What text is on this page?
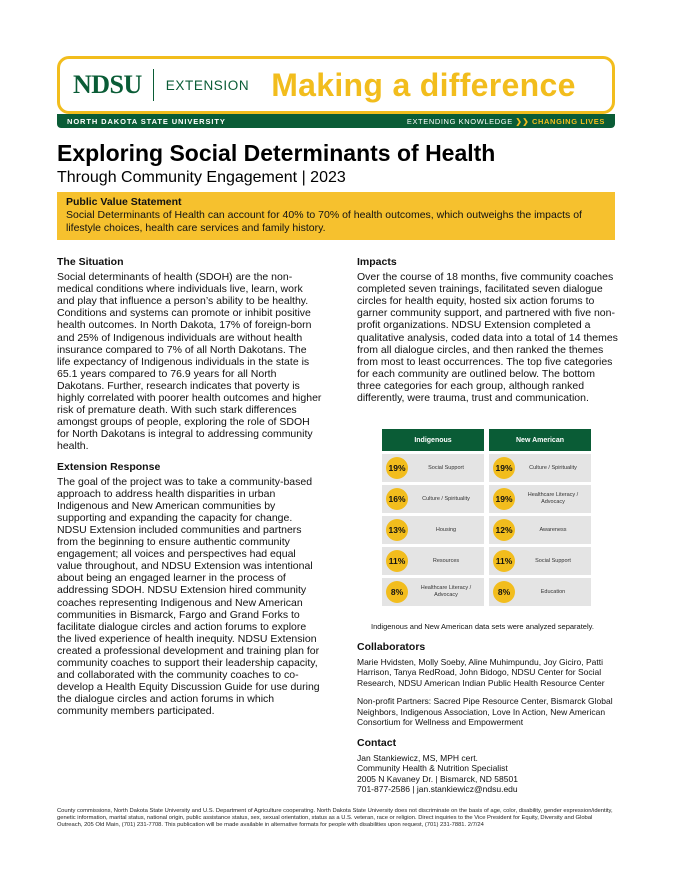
NDSU EXTENSION Making a difference
NORTH DAKOTA STATE UNIVERSITY	EXTENDING KNOWLEDGE ❯❯ CHANGING LIVES
Exploring Social Determinants of Health
Through Community Engagement | 2023
Public Value Statement
Social Determinants of Health can account for 40% to 70% of health outcomes, which outweighs the impacts of lifestyle choices, health care services and family history.
The Situation
Social determinants of health (SDOH) are the non-medical conditions where individuals live, learn, work and play that influence a person’s ability to be healthy. Conditions and systems can promote or inhibit positive health outcomes. In North Dakota, 17% of foreign-born and 25% of Indigenous individuals are without health insurance compared to 7% of all North Dakotans. The life expectancy of Indigenous individuals in the state is 65.1 years compared to 76.9 years for all North Dakotans. Further, research indicates that poverty is highly correlated with poorer health outcomes and higher risk of premature death. With such stark differences amongst groups of people, exploring the role of SDOH for North Dakotans is integral to addressing community health.
Extension Response
The goal of the project was to take a community-based approach to address health disparities in urban Indigenous and New American communities by supporting and expanding the capacity for change. NDSU Extension included communities and partners from the beginning to ensure authentic community engagement; all voices and perspectives had equal value throughout, and NDSU Extension was intentional about being an engaged learner in the process of addressing SDOH. NDSU Extension hired community coaches representing Indigenous and New American communities in Bismarck, Fargo and Grand Forks to facilitate dialogue circles and action forums to explore the lived experience of health inequity. NDSU Extension created a professional development and training plan for community coaches to support their leadership capacity, and collaborated with the community coaches to co-develop a Health Equity Discussion Guide for use during the dialogue circles and action forums in which community members participated.
Impacts
Over the course of 18 months, five community coaches completed seven trainings, facilitated seven dialogue circles for health equity, hosted six action forums to garner community support, and partnered with five non-profit organizations. NDSU Extension completed a qualitative analysis, coded data into a total of 14 themes from all dialogue circles, and then ranked the themes from most to least occurrences. The top five categories for each community are outlined below. The bottom three categories for each group, although ranked differently, were trauma, trust and communication.
Indigenous
19%	Social Support
16%	Culture / Spirituality
13%	Housing
11%	Resources
8%	Healthcare Literacy / Advocacy
New American
19%	Culture / Spirituality
19%	Healthcare Literacy / Advocacy
12%	Awareness
11%	Social Support
8%	Education
Indigenous and New American data sets were analyzed separately.
Collaborators
Marie Hvidsten, Molly Soeby, Aline Muhimpundu, Joy Giciro, Patti Harrison, Tanya RedRoad, John Bidogo, NDSU Center for Social Research, NDSU American Indian Public Health Resource Center
Non-profit Partners: Sacred Pipe Resource Center, Bismarck Global Neighbors, Indigenous Association, Love In Action, New American Consortium for Wellness and Empowerment
Contact
Jan Stankiewicz, MS, MPH cert.
Community Health & Nutrition Specialist
2005 N Kavaney Dr. | Bismarck, ND 58501
701-877-2586 | jan.stankiewicz@ndsu.edu
County commissions, North Dakota State University and U.S. Department of Agriculture cooperating. North Dakota State University does not discriminate on the basis of age, color, disability, gender expression/identity, genetic information, marital status, national origin, public assistance status, sex, sexual orientation, status as a U.S. veteran, race or religion. Direct inquiries to the Vice President for Equity, Diversity and Global Outreach, 205 Old Main, (701) 231-7708. This publication will be made available in alternative formats for people with disabilities upon request, (701) 231-7881. 2/7/24
